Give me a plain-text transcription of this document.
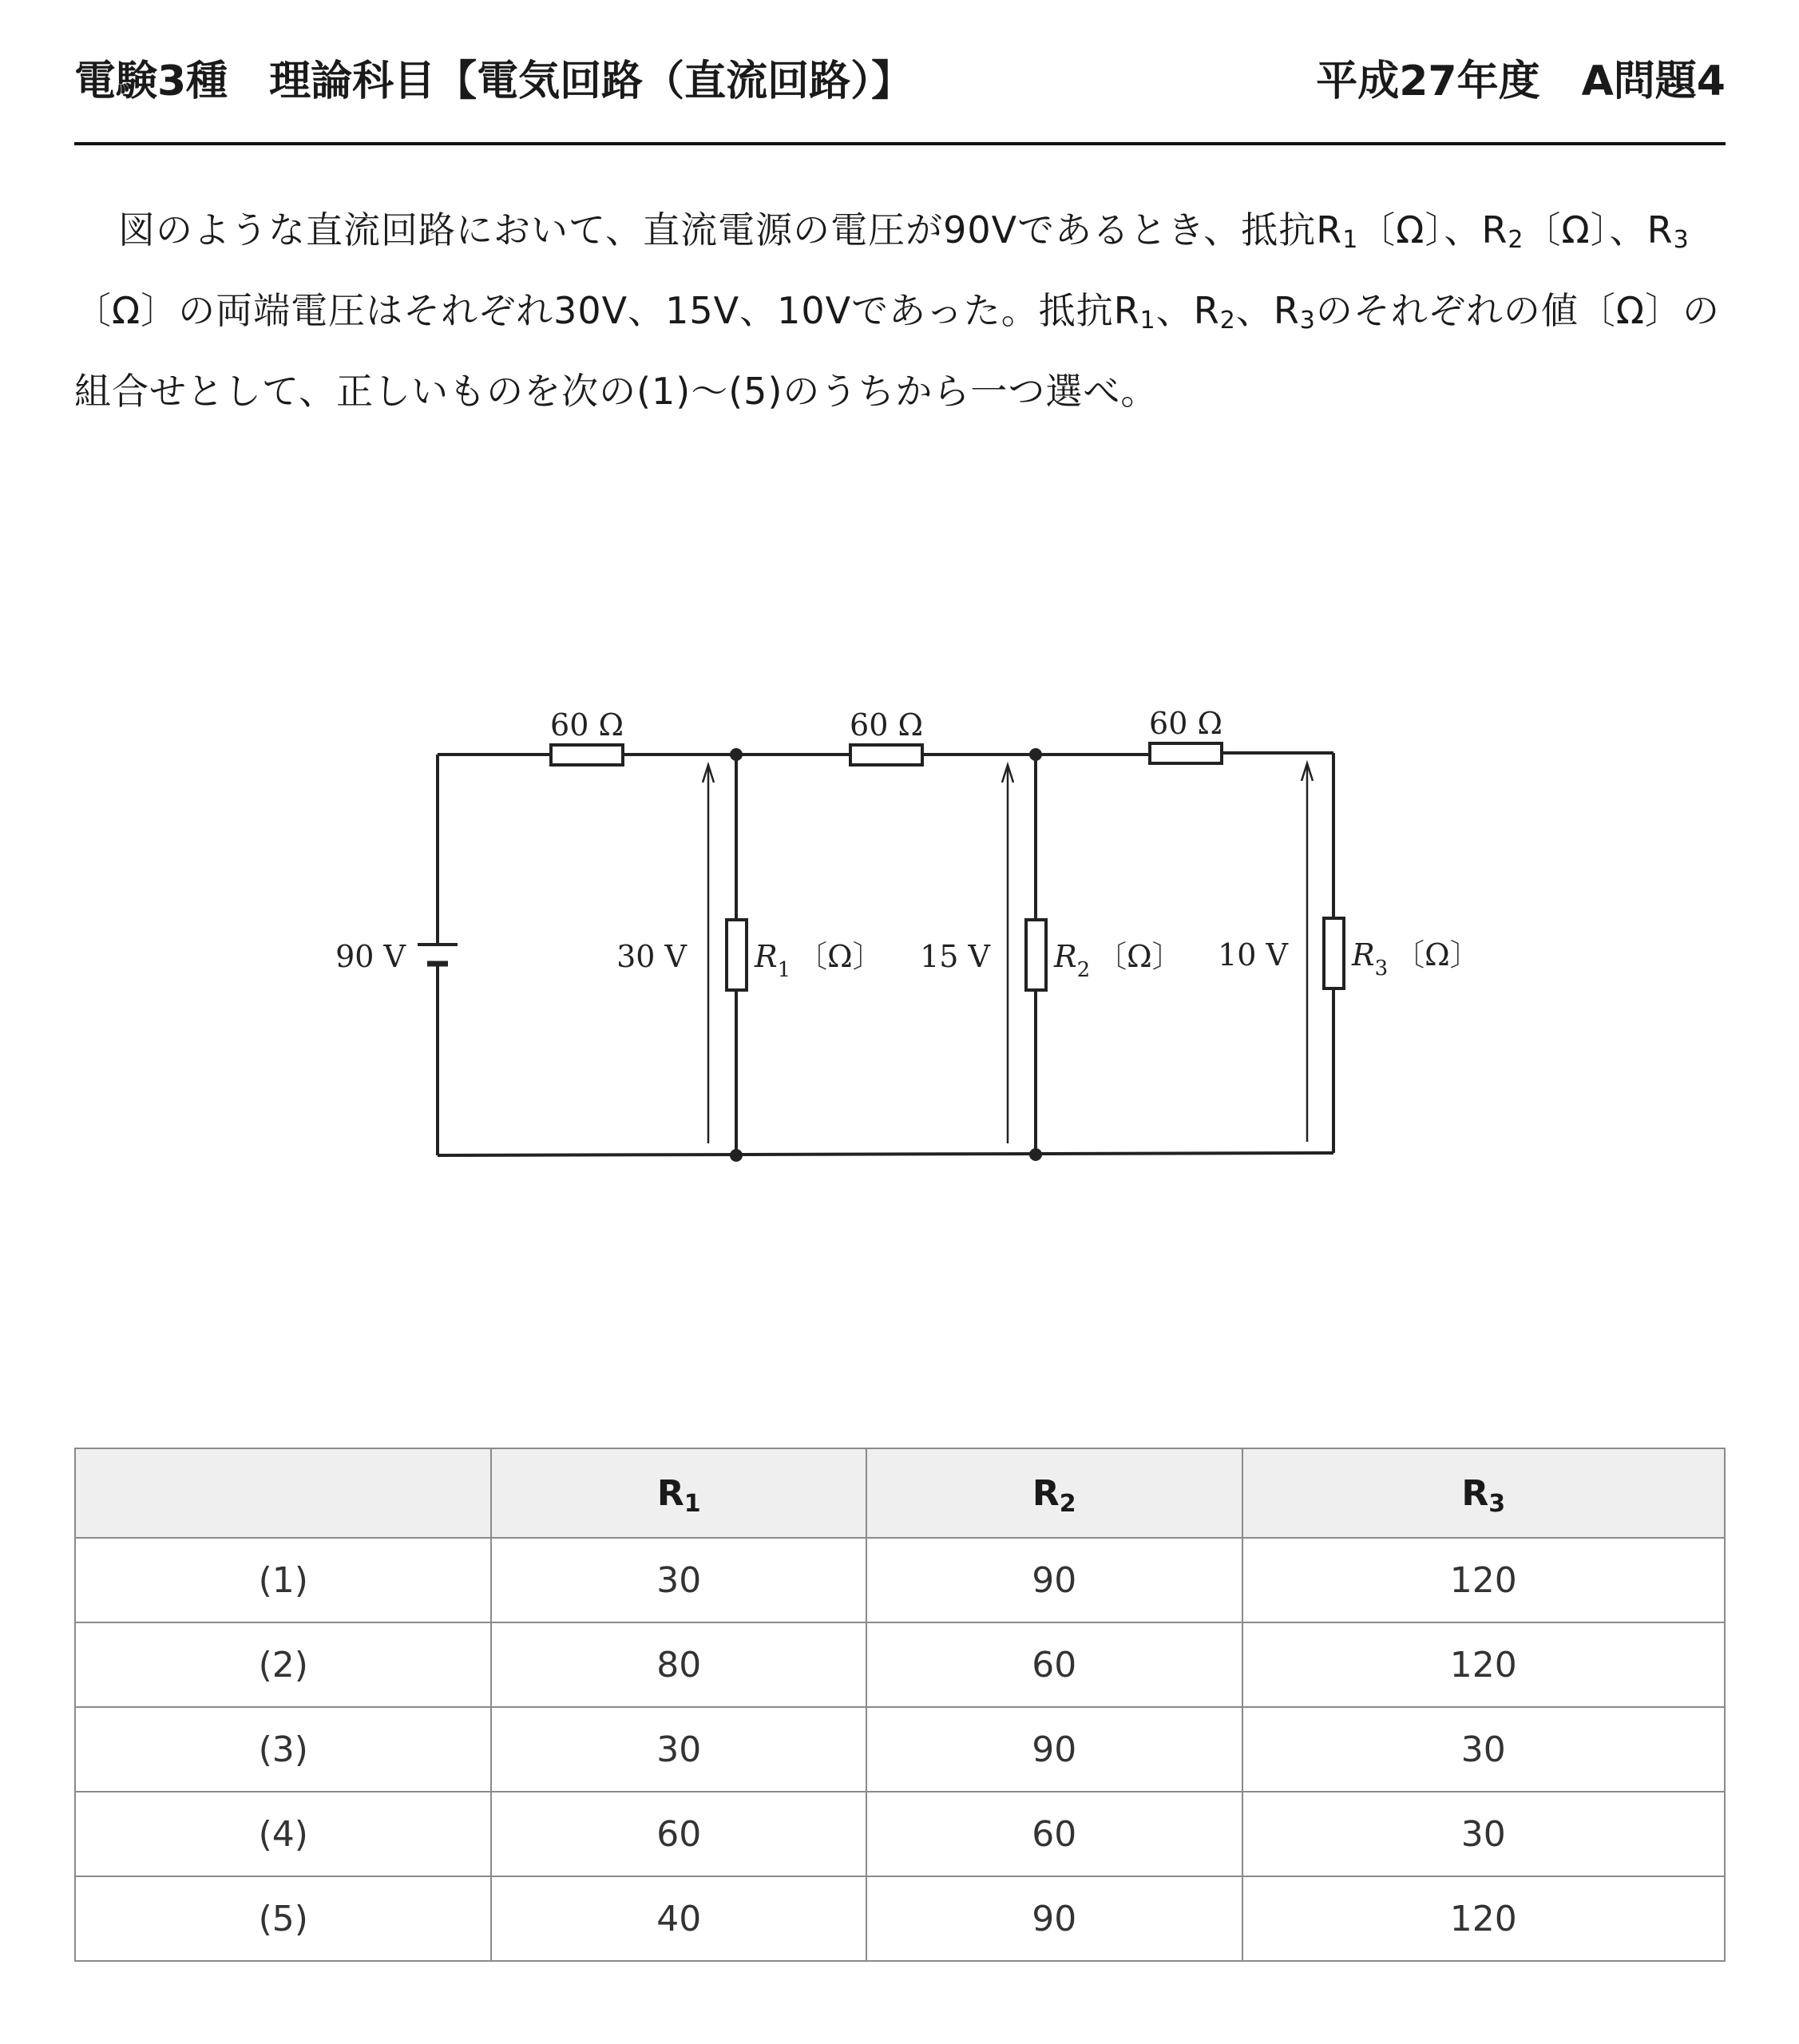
電験3種　理論科目【電気回路（直流回路）】	平成27年度　A問題4
図のような直流回路において、直流電源の電圧が90Vであるとき、抵抗$R_1$〔Ω〕、$R_2$〔Ω〕、$R_3$〔Ω〕の両端電圧はそれぞれ30V、15V、10Vであった。抵抗$R_1$、$R_2$、$R_3$のそれぞれの値〔Ω〕の組合せとして、正しいものを次の(1)〜(5)のうちから一つ選べ。
60 Ω	60 Ω	60 Ω
90 V	30 V	15 V	10 V
$R_1$ 〔Ω〕	$R_2$ 〔Ω〕	$R_3$ 〔Ω〕
	$R_1$	$R_2$	$R_3$
(1)	30	90	120
(2)	80	60	120
(3)	30	90	30
(4)	60	60	30
(5)	40	90	120
